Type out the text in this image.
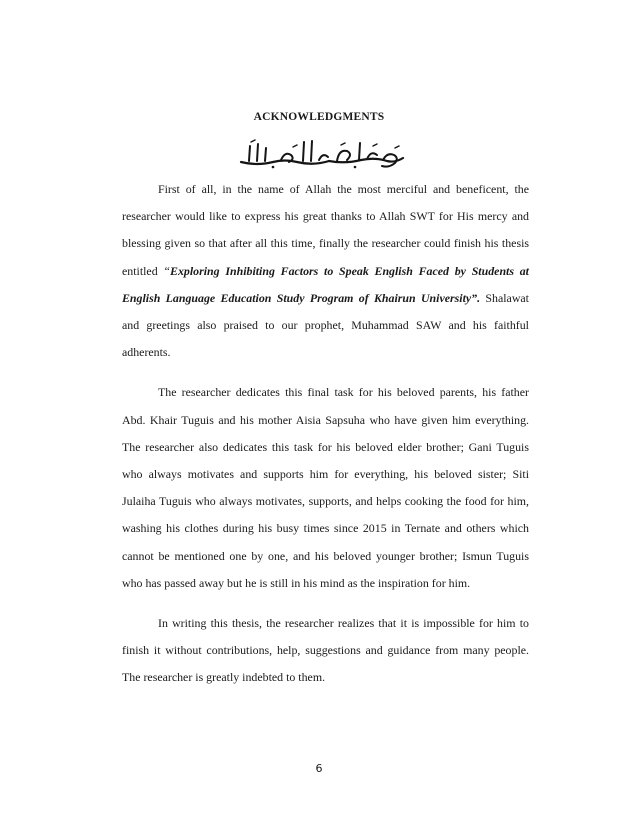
ACKNOWLEDGMENTS

First of all, in the name of Allah the most merciful and beneficent, the researcher would like to express his great thanks to Allah SWT for His mercy and blessing given so that after all this time, finally the researcher could finish his thesis entitled “Exploring Inhibiting Factors to Speak English Faced by Students at English Language Education Study Program of Khairun University”. Shalawat and greetings also praised to our prophet, Muhammad SAW and his faithful adherents.

The researcher dedicates this final task for his beloved parents, his father Abd. Khair Tuguis and his mother Aisia Sapsuha who have given him everything. The researcher also dedicates this task for his beloved elder brother; Gani Tuguis who always motivates and supports him for everything, his beloved sister; Siti Julaiha Tuguis who always motivates, supports, and helps cooking the food for him, washing his clothes during his busy times since 2015 in Ternate and others which cannot be mentioned one by one, and his beloved younger brother; Ismun Tuguis who has passed away but he is still in his mind as the inspiration for him.

In writing this thesis, the researcher realizes that it is impossible for him to finish it without contributions, help, suggestions and guidance from many people. The researcher is greatly indebted to them.

6
